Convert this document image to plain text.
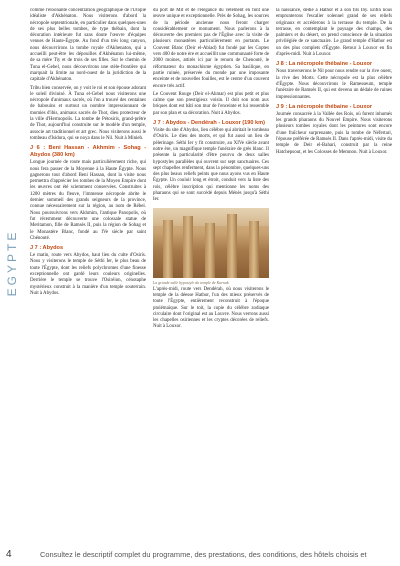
EGYPTE

comme l'éloonante concentration géographique de l'Utopie idéaliste d'Akhénaton. Nous visiterons d'abord la nécropole septentrionale, en particulier dans quelques-unes de ses plus belles tombes, de type thébain, dont la décoration intérieure fut sans doute l'œuvre d'équipes venues de Haute-Égypte. Au fond d'un très long canyon, nous découvrirons la tombe royale d'Akhenaton, qui a accueilli peut-être les dépouilles d'Akhénaton lui-même, de sa mère Tiy et de trois de ses filles. Sur le chemin de Tuna el-Gebel, nous découvrirons une stèle-frontière qui marquait la limite au nord-ouest de la juridiction de la capitale d'Akhénaton.

Tribu bien conservée, on y voit le roi et son épouse adorant le soleil divinisé. À Tuna el-Gebel nous visiterons une nécropole d'animaux sacrés, où l'on a trouvé des centaines de babouins et surtout un nombre impressionnant de momies d'ibis, animaux sacrés de Thot, dieu protecteur de la ville d'Hermopolis. La tombe de Pétosiris, grand-prêtre de Thot, aujourd'hui construite sur le modèle d'un temple, associe art traditionnel et art grec. Nous visiterons aussi le tombeau d'Isidora, qui se noya dans le Nil. Nuit à Minieh.

J 6 : Beni Hassan - Akhmim - Sohag - Abydos (380 km)

Longue journée de route mais particulièrement riche, qui nous fera passer de la Moyenne à la Haute Égypte. Nous gagnerons tout d'abord Beni Hassan, dont la visite nous permettra d'apprécier les tombes de la Moyen Empire dont les œuvres ont été sciemment conservées. Construites à 1200 mètres du fleuve, l'immense nécropole abrite le dernier sommeil des grands seigneurs de la province, connue nécessairement sur la région, au nom de Rébel. Nous poursuivrons vers Akhmim, l'antique Panopolis, où fut récemment découverte une colossale statue de Meritamon, fille de Ramsès II, puis la région de Sohag et le Monastère Blanc, fondé au IVe siècle par saint Chénouté.

J 7 : Abydos

Le matin, route vers Abydos, haut lieu du culte d'Osiris. Nous y visiterons le temple de Séthi Ier, le plus beau de toute l'Égypte, dont les reliefs polychromes d'une finesse exceptionnelle ont gardé leurs couleurs originelles. Derrière le temple se trouve l'Osiréion, cénotaphe mystérieux construit à la manière d'un temple souterrain. Nuit à Abydos.

du port de Mit et de l'élégance du vêtement en font une œuvre unique et exceptionnelle. Près de Sohag, les sources de la période ancienne nous feront charger considérablement ce monument. Nous parlerons à la découverte des premiers pas de l'Église avec la visite de plusieurs monastères particulièrement en portants. Le Couvent Blanc (Deir el-Abiad) fut fondé par les Coptes vers 400 de notre ère et accueillit une communauté forte de 2000 moines, attirés ici par le renom de Chenouté, le réformateur du monachisme égyptien. Sa basilique, en partie ruinée, préservée du monde par une imposante enceinte et de nouvelles fouilles, est le centre d'un couvent encore très actif.

Le Couvent Rouge (Deir el-Ahmar) est plus petit et plus calme que son prestigieux voisin. Il doit son nom aux briques dont est bâti son mur de l'enceinte et lui ressemble par son plan et sa décoration. Nuit à Abydos.

J 7 : Abydos - Dendérah - Louxor (190 km)

Visite du site d'Abydos, lieu célèbre qui abritait le tombeau d'Osiris. Le dieu des morts, et qui fut aussi un lieu de pèlerinage. Séthi Ier y fit construire, au XIVe siècle avant notre ère, un magnifique temple funéraire de grès blanc. Il présente la particularité d'être pourvu de deux salles hypostyles parallèles qui ouvrent sur sept sanctuaires. Ces sept chapelles renferment, dans la pénombre, quelques-uns des plus beaux reliefs peints que nous ayons vus en Haute Égypte. Un couloir long et étroit, conduit vers la liste des rois, célèbre inscription qui mentionne les noms des pharaons qui se sont succédé depuis Ménès jusqu'à Séthi Ier.

La grande salle hypostyle du temple de Karnak

L'après-midi, route vers Dendérah, où nous visiterons le temple de la déesse Hathor, l'un des mieux préservés de toute l'Égypte, entièrement reconstruit à l'époque ptolémaïque. Sur le toit, la copie du célèbre zodiaque circulaire dont l'original est au Louvre. Nous verrons aussi les chapelles osiriennes et les cryptes décorées de reliefs. Nuit à Louxor.

la naissance, dédié à Hathor et à son fils Ihy. Enfin nous emprunterons l'escalier solennel grand de ses reliefs originaux et accéderons à la terrasse du temple. De la terrasse, en contemplant le paysage des champs, des palmiers et du désert, on prend conscience de la situation privilégiée de ce sanctuaire. Le grand temple d'Hathor est un des plus complets d'Égypte. Retour à Louxor en fin d'après-midi. Nuit à Louxor.

J 8 : La nécropole thébaine - Louxor

Nous traverserons le Nil pour nous rendre sur la rive ouest, la rive des Morts. Cette nécropole est la plus célèbre d'Égypte. Nous découvrirons le Ramesseum, temple funéraire de Ramsès II, qui est devenu un dédale de ruines impressionnantes.

J 9 : La nécropole thébaine - Louxor

Journée consacrée à la Vallée des Rois, où furent inhumés les grands pharaons du Nouvel Empire. Nous visiterons plusieurs tombes royales dont les peintures sont encore d'une fraîcheur surprenante, puis la tombe de Néfertari, l'épouse préférée de Ramsès II. Dans l'après-midi, visite du temple de Deir el-Bahari, construit par la reine Hatchepsout, et les Colosses de Memnon. Nuit à Louxor.

4	Consultez le descriptif complet du programme, des prestations, des conditions, des hôtels choisis et
